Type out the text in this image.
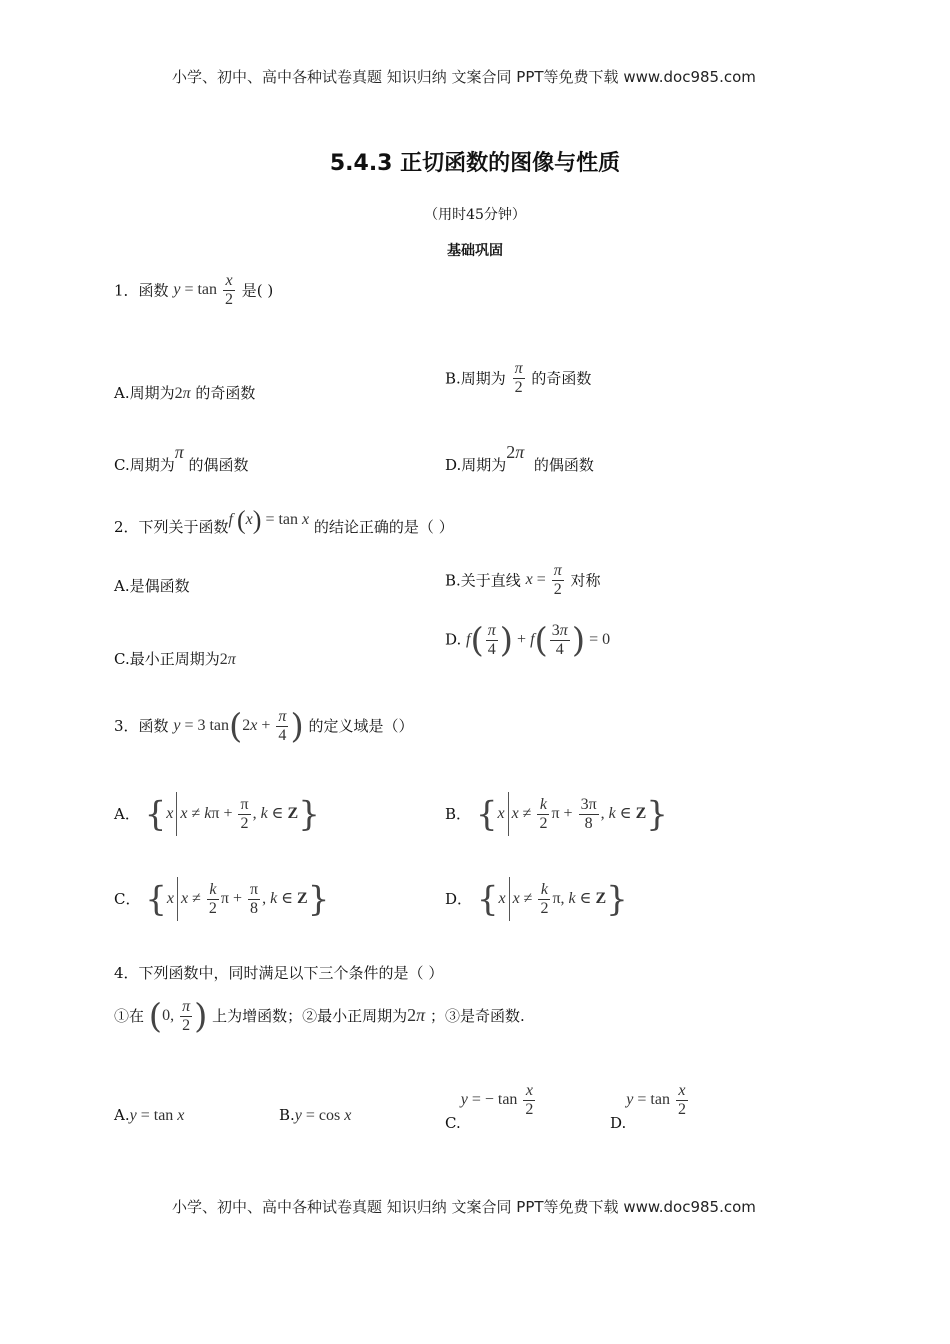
小学、初中、高中各种试卷真题 知识归纳 文案合同 PPT等免费下载 www.doc985.com
5.4.3 正切函数的图像与性质
（用时45分钟）
基础巩固
1．函数 $y = \tan \frac{x}{2}$ 是( )
A.周期为2π 的奇函数
B.周期为 $\frac{\pi}{2}$ 的奇函数
C.周期为π 的偶函数	D.周期为2π  的偶函数
2．下列关于函数f (x) = tan x 的结论正确的是（ ）
A.是偶函数	B.关于直线 $x = \frac{\pi}{2}$ 对称
C.最小正周期为2π
D. $f( \frac{\pi}{4}$ ) + $f( \frac{3\pi}{4}$ ) = 0
3．函数 y = 3 $\tan(2x + \frac{\pi}{4}$ ) 的定义域是（）
A． {x $x \ne k\pi + \frac{\pi}{2}$ , k ∈ Z}	B． {x $x \ne \frac{k}{2}$ $\pi + \frac{3\pi}{8}$ , k ∈ Z}
C． {x $x \ne \frac{k}{2}$ $\pi + \frac{\pi}{8}$ , k ∈ Z}	D． {x $x \ne \frac{k}{2} \pi$, k ∈ Z}
4．下列函数中，同时满足以下三个条件的是（ ）
①在 (0, $\frac{\pi}{2}$ ) 上为增函数；②最小正周期为2π ；③是奇函数.
A.y = tan x	B.y = cos x	C.y = − $\tan \frac{x}{2}$
$D.y = \tan \frac{x}{2}$
小学、初中、高中各种试卷真题 知识归纳 文案合同 PPT等免费下载 www.doc985.com
